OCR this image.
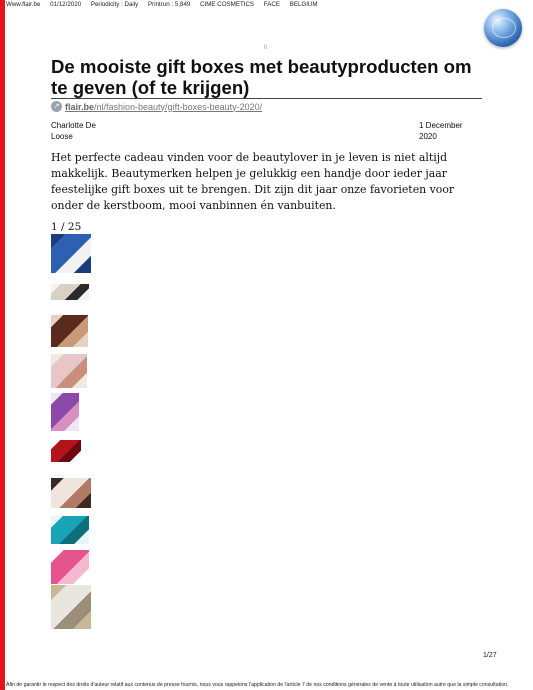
Www.flair.be 01/12/2020 Periodicity : Daily Printrun : 5,849 CIME COSMETICS FACE BELGIUM
0
De mooiste gift boxes met beautyproducten om te geven (of te krijgen)
↗ flair.be/nl/fashion-beauty/gift-boxes-beauty-2020/
Charlotte De Loose
1 December 2020

Het perfecte cadeau vinden voor de beautylover in je leven is niet altijd makkelijk. Beautymerken helpen je gelukkig een handje door ieder jaar feestelijke gift boxes uit te brengen. Dit zijn dit jaar onze favorieten voor onder de kerstboom, mooi vanbinnen én vanbuiten.

1 / 25
1/27
Afin de garantir le respect des droits d'auteur relatif aux contenus de presse fournis, nous vous rappelons l'application de l'article 7 de nos conditions générales de vente à toute utilisation autre que la simple consultation.
